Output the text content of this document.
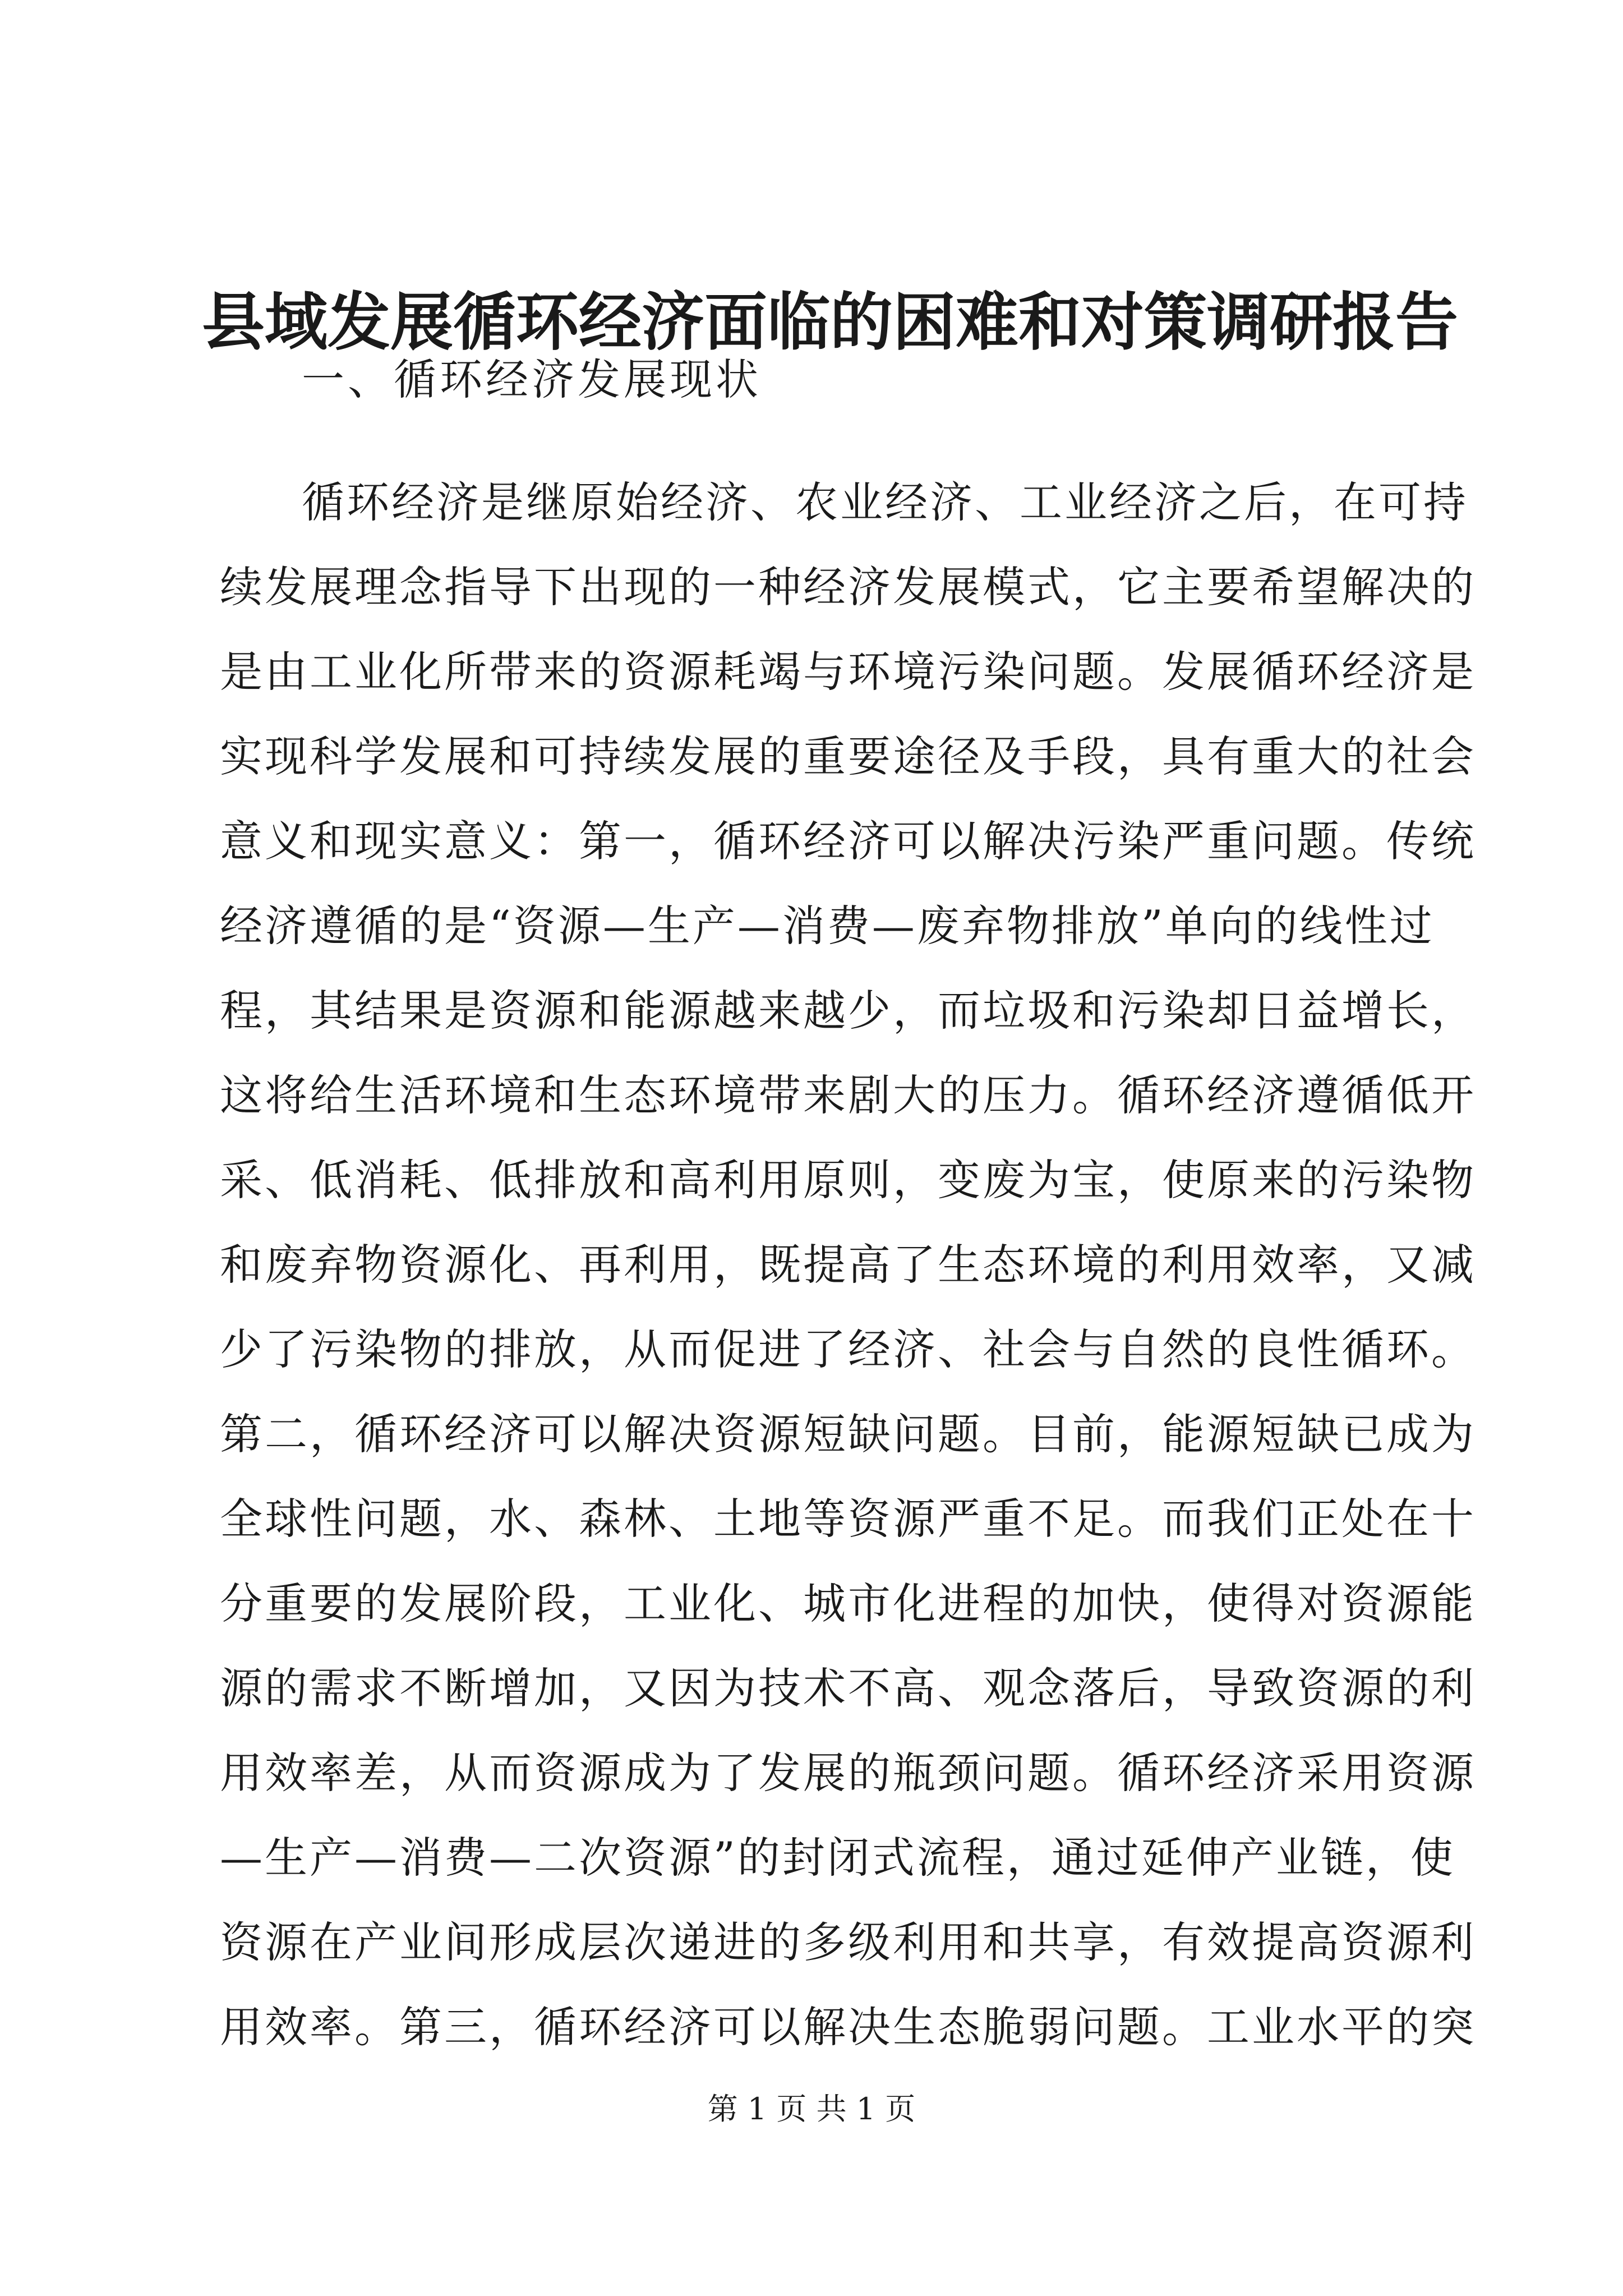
县域发展循环经济面临的困难和对策调研报告
一、循环经济发展现状
循环经济是继原始经济、农业经济、工业经济之后，在可持
续发展理念指导下出现的一种经济发展模式，它主要希望解决的
是由工业化所带来的资源耗竭与环境污染问题。发展循环经济是
实现科学发展和可持续发展的重要途径及手段，具有重大的社会
意义和现实意义：第一，循环经济可以解决污染严重问题。传统
经济遵循的是“资源—生产—消费—废弃物排放”单向的线性过
程，其结果是资源和能源越来越少，而垃圾和污染却日益增长，
这将给生活环境和生态环境带来剧大的压力。循环经济遵循低开
采、低消耗、低排放和高利用原则，变废为宝，使原来的污染物
和废弃物资源化、再利用，既提高了生态环境的利用效率，又减
少了污染物的排放，从而促进了经济、社会与自然的良性循环。
第二，循环经济可以解决资源短缺问题。目前，能源短缺已成为
全球性问题，水、森林、土地等资源严重不足。而我们正处在十
分重要的发展阶段，工业化、城市化进程的加快，使得对资源能
源的需求不断增加，又因为技术不高、观念落后，导致资源的利
用效率差，从而资源成为了发展的瓶颈问题。循环经济采用资源
—生产—消费—二次资源”的封闭式流程，通过延伸产业链，使
资源在产业间形成层次递进的多级利用和共享，有效提高资源利
用效率。第三，循环经济可以解决生态脆弱问题。工业水平的突
第 1 页 共 1 页
